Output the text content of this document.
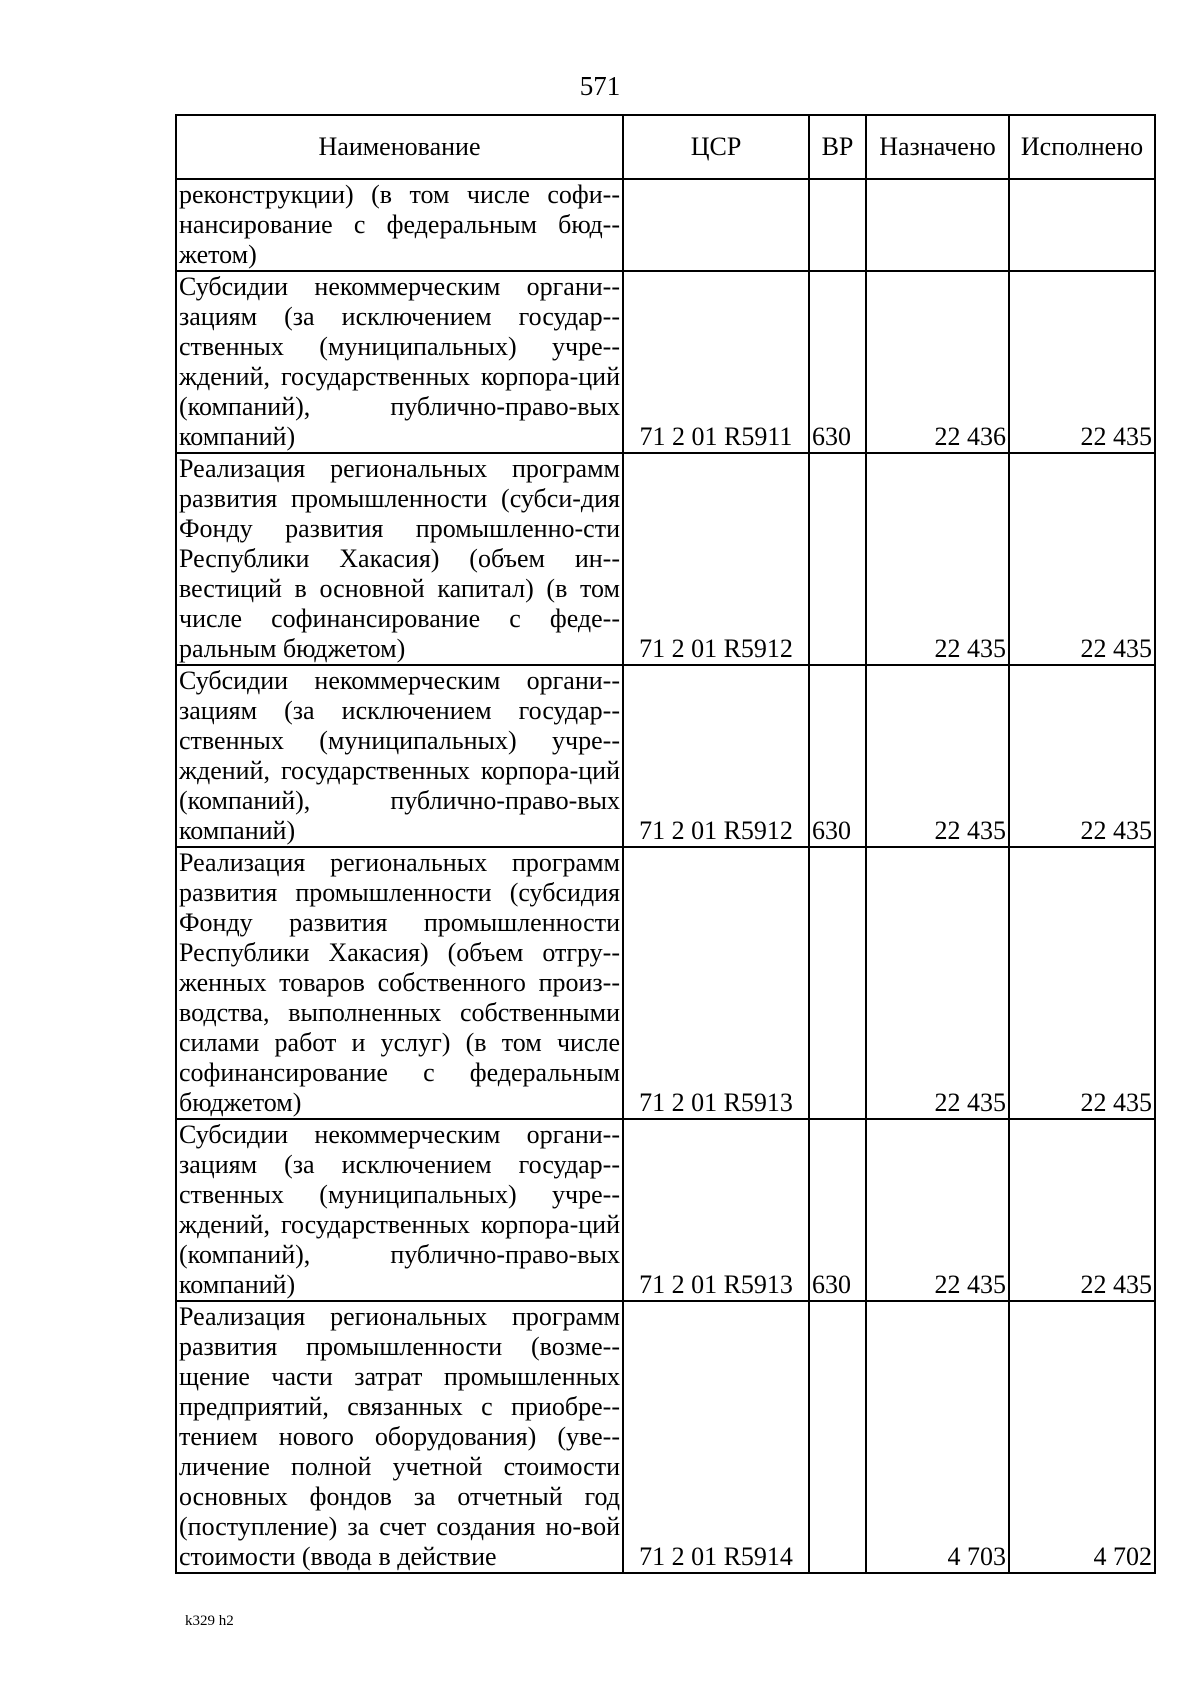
571
Наименование	ЦСР	ВР	Назначено	Исполнено
реконструкции) (в том числе софи-нансирование с федеральным бюд-жетом)				
Субсидии некоммерческим органи-зациям (за исключением государ-ственных (муниципальных) учре-ждений, государственных корпора-ций (компаний), публично-право-вых компаний)	71 2 01 R5911	630	22 436	22 435
Реализация региональных программ развития промышленности (субси-дия Фонду развития промышленно-сти Республики Хакасия) (объем ин-вестиций в основной капитал) (в том числе софинансирование с феде-ральным бюджетом)	71 2 01 R5912		22 435	22 435
Субсидии некоммерческим органи-зациям (за исключением государ-ственных (муниципальных) учре-ждений, государственных корпора-ций (компаний), публично-право-вых компаний)	71 2 01 R5912	630	22 435	22 435
Реализация региональных программ развития промышленности (субсидия Фонду развития промышленности Республики Хакасия) (объем отгру-женных товаров собственного произ-водства, выполненных собственными силами работ и услуг) (в том числе софинансирование с федеральным бюджетом)	71 2 01 R5913		22 435	22 435
Субсидии некоммерческим органи-зациям (за исключением государ-ственных (муниципальных) учре-ждений, государственных корпора-ций (компаний), публично-право-вых компаний)	71 2 01 R5913	630	22 435	22 435
Реализация региональных программ развития промышленности (возме-щение части затрат промышленных предприятий, связанных с приобре-тением нового оборудования) (уве-личение полной учетной стоимости основных фондов за отчетный год (поступление) за счет создания но-вой стоимости (ввода в действие	71 2 01 R5914		4 703	4 702
k329 h2
